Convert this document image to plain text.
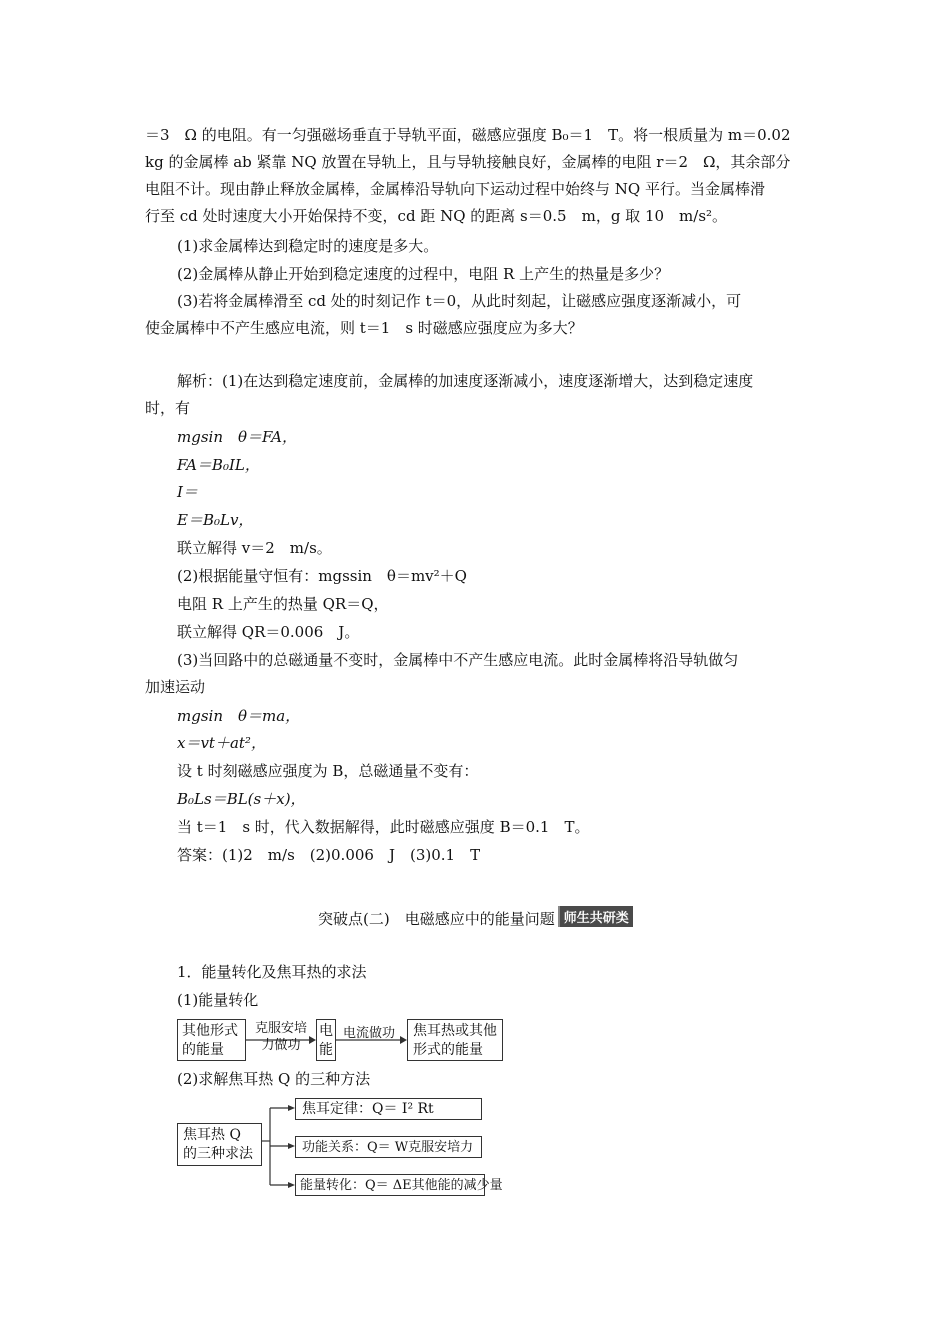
＝3　Ω 的电阻。有一匀强磁场垂直于导轨平面，磁感应强度 B₀＝1　T。将一根质量为 m＝0.02
kg 的金属棒 ab 紧靠 NQ 放置在导轨上，且与导轨接触良好，金属棒的电阻 r＝2　Ω，其余部分
电阻不计。现由静止释放金属棒，金属棒沿导轨向下运动过程中始终与 NQ 平行。当金属棒滑
行至 cd 处时速度大小开始保持不变，cd 距 NQ 的距离 s＝0.5　m，g 取 10　m/s²。
(1)求金属棒达到稳定时的速度是多大。
(2)金属棒从静止开始到稳定速度的过程中，电阻 R 上产生的热量是多少？
(3)若将金属棒滑至 cd 处的时刻记作 t＝0，从此时刻起，让磁感应强度逐渐减小，可
使金属棒中不产生感应电流，则 t＝1　s 时磁感应强度应为多大？
解析：(1)在达到稳定速度前，金属棒的加速度逐渐减小，速度逐渐增大，达到稳定速度
时，有
mgsin　θ＝FA，
FA＝B₀IL，
I＝
E＝B₀Lv，
联立解得 v＝2　m/s。
(2)根据能量守恒有：mgssin　θ＝mv²＋Q
电阻 R 上产生的热量 QR＝Q，
联立解得 QR＝0.006　J。
(3)当回路中的总磁通量不变时，金属棒中不产生感应电流。此时金属棒将沿导轨做匀
加速运动
mgsin　θ＝ma，
x＝vt＋at²，
设 t 时刻磁感应强度为 B，总磁通量不变有：
B₀Ls＝BL(s＋x)，
当 t＝1　s 时，代入数据解得，此时磁感应强度 B＝0.1　T。
答案：(1)2　m/s　(2)0.006　J　(3)0.1　T
突破点(二)　电磁感应中的能量问题 师生共研类
1．能量转化及焦耳热的求法
(1)能量转化
其他形式的能量
克服安培力做功
电能
电流做功	焦耳热或其他形式的能量
(2)求解焦耳热 Q 的三种方法
焦耳热 Q 的三种求法
焦耳定律：Q＝ I² Rt
功能关系：Q＝ W克服安培力
能量转化：Q＝ ΔE其他能的减少量
